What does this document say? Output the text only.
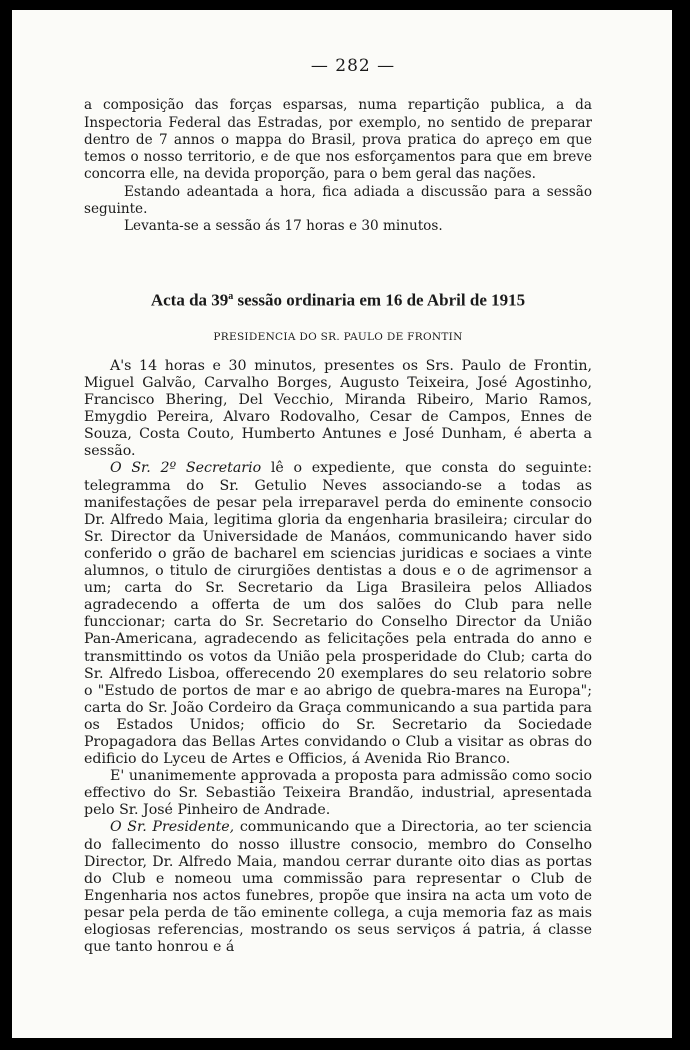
— 282 —

a composição das forças esparsas, numa repartição publica, a da Inspectoria Federal das Estradas, por exemplo, no sentido de preparar dentro de 7 annos o mappa do Brasil, prova pratica do apreço em que temos o nosso territorio, e de que nos esforçamentos para que em breve concorra elle, na devida proporção, para o bem geral das nações.

Estando adeantada a hora, fica adiada a discussão para a sessão seguinte.

Levanta-se a sessão ás 17 horas e 30 minutos.

Acta da 39$^a$ sessão ordinaria em 16 de Abril de 1915
PRESIDENCIA DO SR. PAULO DE FRONTIN

A's 14 horas e 30 minutos, presentes os Srs. Paulo de Frontin, Miguel Galvão, Carvalho Borges, Augusto Teixeira, José Agostinho, Francisco Bhering, Del Vecchio, Miranda Ribeiro, Mario Ramos, Emygdio Pereira, Alvaro Rodovalho, Cesar de Campos, Ennes de Souza, Costa Couto, Humberto Antunes e José Dunham, é aberta a sessão.

O Sr. 2º Secretario lê o expediente, que consta do seguinte: telegramma do Sr. Getulio Neves associando-se a todas as manifestações de pesar pela irreparavel perda do eminente consocio Dr. Alfredo Maia, legitima gloria da engenharia brasileira; circular do Sr. Director da Universidade de Manáos, communicando haver sido conferido o grão de bacharel em sciencias juridicas e sociaes a vinte alumnos, o titulo de cirurgiões dentistas a dous e o de agrimensor a um; carta do Sr. Secretario da Liga Brasileira pelos Alliados agradecendo a offerta de um dos salões do Club para nelle funccionar; carta do Sr. Secretario do Conselho Director da União Pan-Americana, agradecendo as felicitações pela entrada do anno e transmittindo os votos da União pela prosperidade do Club; carta do Sr. Alfredo Lisboa, offerecendo 20 exemplares do seu relatorio sobre o "Estudo de portos de mar e ao abrigo de quebra-mares na Europa"; carta do Sr. João Cordeiro da Graça communicando a sua partida para os Estados Unidos; officio do Sr. Secretario da Sociedade Propagadora das Bellas Artes convidando o Club a visitar as obras do edificio do Lyceu de Artes e Officios, á Avenida Rio Branco.

E' unanimemente approvada a proposta para admissão como socio effectivo do Sr. Sebastião Teixeira Brandão, industrial, apresentada pelo Sr. José Pinheiro de Andrade.

O Sr. Presidente, communicando que a Directoria, ao ter sciencia do fallecimento do nosso illustre consocio, membro do Conselho Director, Dr. Alfredo Maia, mandou cerrar durante oito dias as portas do Club e nomeou uma commissão para representar o Club de Engenharia nos actos funebres, propõe que insira na acta um voto de pesar pela perda de tão eminente collega, a cuja memoria faz as mais elogiosas referencias, mostrando os seus serviços á patria, á classe que tanto honrou e á
